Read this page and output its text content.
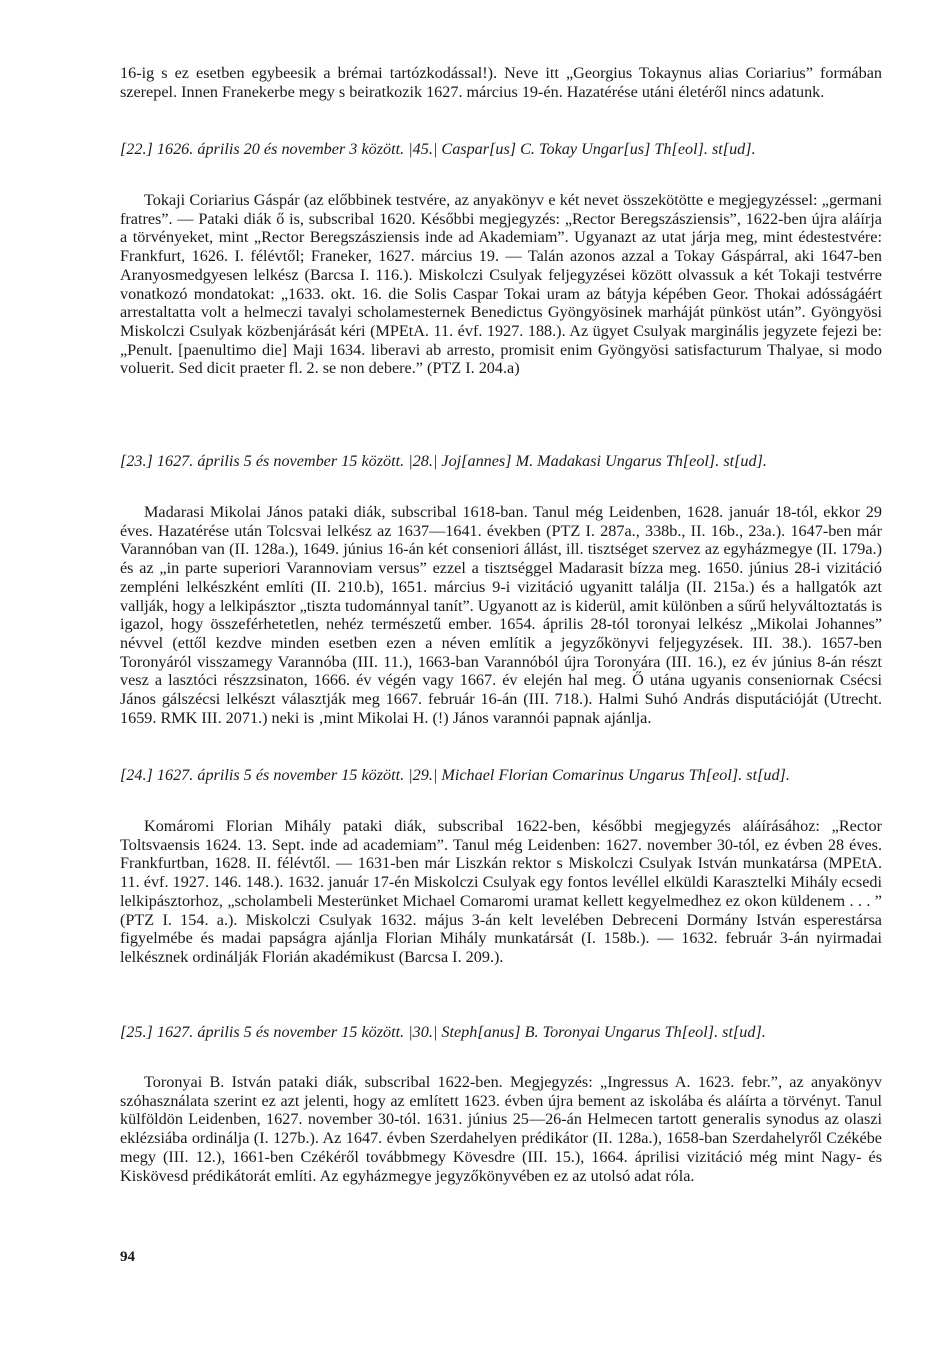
16-ig s ez esetben egybeesik a brémai tartózkodással!). Neve itt „Georgius Tokaynus alias Coriarius” formában szerepel. Innen Franekerbe megy s beiratkozik 1627. március 19-én. Hazatérése utáni életéről nincs adatunk.

[22.] 1626. április 20 és november 3 között. |45.| Caspar[us] C. Tokay Ungar[us] Th[eol]. st[ud].

Tokaji Coriarius Gáspár (az előbbinek testvére, az anyakönyv e két nevet összekötötte e megjegyzéssel: „germani fratres”. — Pataki diák ő is, subscribal 1620. Későbbi megjegyzés: „Rector Beregszásziensis”, 1622-ben újra aláírja a törvényeket, mint „Rector Beregszásziensis inde ad Akademiam”. Ugyanazt az utat járja meg, mint édestestvére: Frankfurt, 1626. I. félévtől; Franeker, 1627. március 19. — Talán azonos azzal a Tokay Gáspárral, aki 1647-ben Aranyosmedgyesen lelkész (Barcsa I. 116.). Miskolczi Csulyak feljegyzései között olvassuk a két Tokaji testvérre vonatkozó mondatokat: „1633. okt. 16. die Solis Caspar Tokai uram az bátyja képében Geor. Thokai adósságáért arrestaltatta volt a helmeczi tavalyi scholamesternek Benedictus Gyöngyösinek marháját pünköst után”. Gyöngyösi Miskolczi Csulyak közbenjárását kéri (MPEtA. 11. évf. 1927. 188.). Az ügyet Csulyak marginális jegyzete fejezi be: „Penult. [paenultimo die] Maji 1634. liberavi ab arresto, promisit enim Gyöngyösi satisfacturum Thalyae, si modo voluerit. Sed dicit praeter fl. 2. se non debere.” (PTZ I. 204.a)

[23.] 1627. április 5 és november 15 között. |28.| Joj[annes] M. Madakasi Ungarus Th[eol]. st[ud].

Madarasi Mikolai János pataki diák, subscribal 1618-ban. Tanul még Leidenben, 1628. január 18-tól, ekkor 29 éves. Hazatérése után Tolcsvai lelkész az 1637—1641. években (PTZ I. 287a., 338b., II. 16b., 23a.). 1647-ben már Varannóban van (II. 128a.), 1649. június 16-án két conseniori állást, ill. tisztséget szervez az egyházmegye (II. 179a.) és az „in parte superiori Varannoviam versus” ezzel a tisztséggel Madarasit bízza meg. 1650. június 28-i vizitáció zempléni lelkészként említi (II. 210.b), 1651. március 9-i vizitáció ugyanitt találja (II. 215a.) és a hallgatók azt vallják, hogy a lelkipásztor „tiszta tudománnyal tanít”. Ugyanott az is kiderül, amit különben a sűrű helyváltoztatás is igazol, hogy összeférhetetlen, nehéz természetű ember. 1654. április 28-tól toronyai lelkész „Mikolai Johannes” névvel (ettől kezdve minden esetben ezen a néven említik a jegyzőkönyvi feljegyzések. III. 38.). 1657-ben Toronyáról visszamegy Varannóba (III. 11.), 1663-ban Varannóból újra Toronyára (III. 16.), ez év június 8-án részt vesz a lasztóci részzsinaton, 1666. év végén vagy 1667. év elején hal meg. Ő utána ugyanis conseniornak Csécsi János gálszécsi lelkészt választják meg 1667. február 16-án (III. 718.). Halmi Suhó András disputációját (Utrecht. 1659. RMK III. 2071.) neki is ‚mint Mikolai H. (!) János varannói papnak ajánlja.

[24.] 1627. április 5 és november 15 között. |29.| Michael Florian Comarinus Ungarus Th[eol]. st[ud].

Komáromi Florian Mihály pataki diák, subscribal 1622-ben, későbbi megjegyzés aláírásához: „Rector Toltsvaensis 1624. 13. Sept. inde ad academiam”. Tanul még Leidenben: 1627. november 30-tól, ez évben 28 éves. Frankfurtban, 1628. II. félévtől. — 1631-ben már Liszkán rektor s Miskolczi Csulyak István munkatársa (MPEtA. 11. évf. 1927. 146. 148.). 1632. január 17-én Miskolczi Csulyak egy fontos levéllel elküldi Karasztelki Mihály ecsedi lelkipásztorhoz, „scholambeli Mesterünket Michael Comaromi uramat kellett kegyelmedhez ez okon küldenem . . . ” (PTZ I. 154. a.). Miskolczi Csulyak 1632. május 3-án kelt levelében Debreceni Dormány István esperestársa figyelmébe és madai papságra ajánlja Florian Mihály munkatársát (I. 158b.). — 1632. február 3-án nyirmadai lelkésznek ordinálják Florián akadémikust (Barcsa I. 209.).

[25.] 1627. április 5 és november 15 között. |30.| Steph[anus] B. Toronyai Ungarus Th[eol]. st[ud].

Toronyai B. István pataki diák, subscribal 1622-ben. Megjegyzés: „Ingressus A. 1623. febr.”, az anyakönyv szóhasználata szerint ez azt jelenti, hogy az említett 1623. évben újra bement az iskolába és aláírta a törvényt. Tanul külföldön Leidenben, 1627. november 30-tól. 1631. június 25—26-án Helmecen tartott generalis synodus az olaszi eklézsiába ordinálja (I. 127b.). Az 1647. évben Szerdahelyen prédikátor (II. 128a.), 1658-ban Szerdahelyről Czékébe megy (III. 12.), 1661-ben Czékéről továbbmegy Kövesdre (III. 15.), 1664. áprilisi vizitáció még mint Nagy- és Kiskövesd prédikátorát említi. Az egyházmegye jegyzőkönyvében ez az utolsó adat róla.

94
